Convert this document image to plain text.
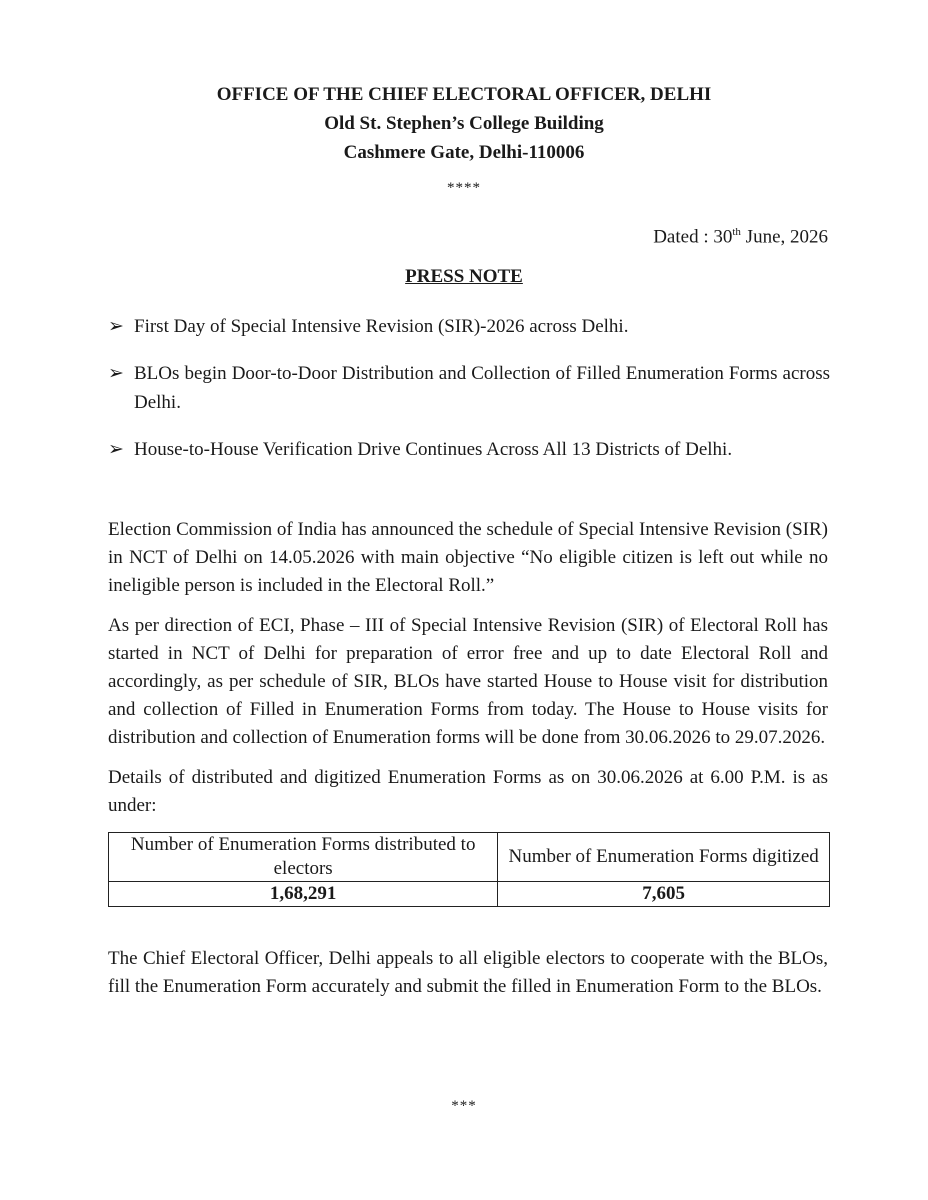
OFFICE OF THE CHIEF ELECTORAL OFFICER, DELHI
Old St. Stephen’s College Building
Cashmere Gate, Delhi-110006
****
Dated : 30th June, 2026
PRESS NOTE
➢ First Day of Special Intensive Revision (SIR)-2026 across Delhi.
➢ BLOs begin Door-to-Door Distribution and Collection of Filled Enumeration Forms across Delhi.
➢ House-to-House Verification Drive Continues Across All 13 Districts of Delhi.

Election Commission of India has announced the schedule of Special Intensive Revision (SIR) in NCT of Delhi on 14.05.2026 with main objective “No eligible citizen is left out while no ineligible person is included in the Electoral Roll.”

As per direction of ECI, Phase – III of Special Intensive Revision (SIR) of Electoral Roll has started in NCT of Delhi for preparation of error free and up to date Electoral Roll and accordingly, as per schedule of SIR, BLOs have started House to House visit for distribution and collection of Filled in Enumeration Forms from today. The House to House visits for distribution and collection of Enumeration forms will be done from 30.06.2026 to 29.07.2026.

Details of distributed and digitized Enumeration Forms as on 30.06.2026 at 6.00 P.M. is as under:

Number of Enumeration Forms distributed to electors	Number of Enumeration Forms digitized
1,68,291	7,605

The Chief Electoral Officer, Delhi appeals to all eligible electors to cooperate with the BLOs, fill the Enumeration Form accurately and submit the filled in Enumeration Form to the BLOs.

***
